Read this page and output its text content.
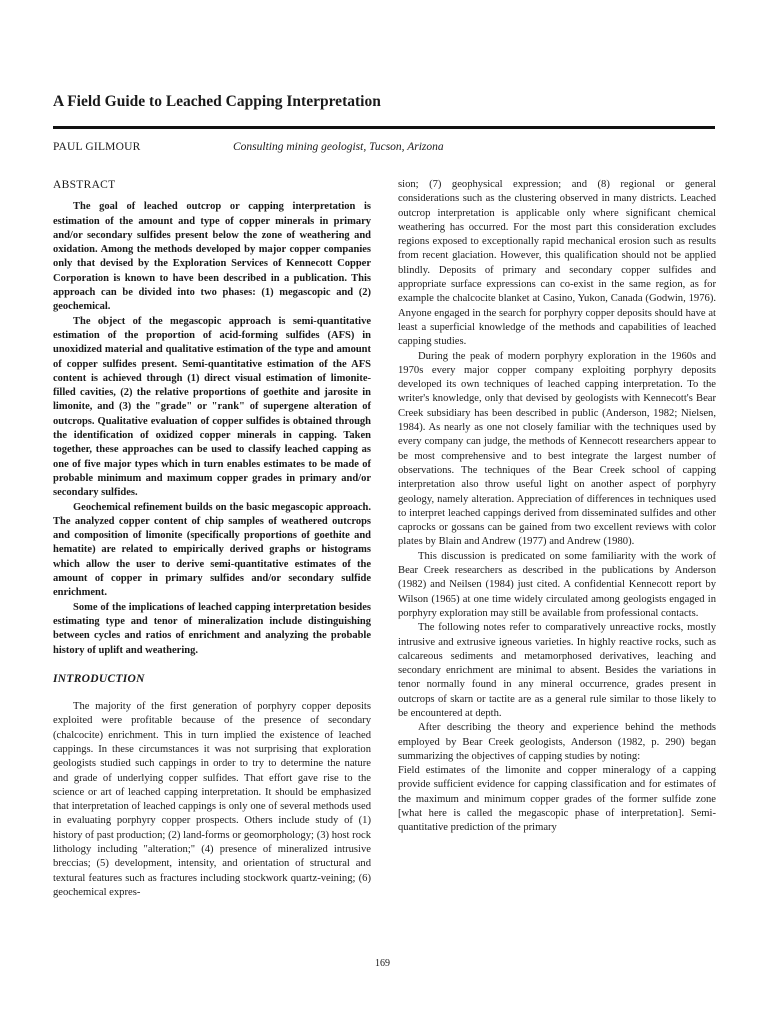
A Field Guide to Leached Capping Interpretation
PAUL GILMOUR	Consulting mining geologist, Tucson, Arizona
ABSTRACT

The goal of leached outcrop or capping interpretation is estimation of the amount and type of copper minerals in primary and/or secondary sulfides present below the zone of weathering and oxidation. Among the methods developed by major copper companies only that devised by the Exploration Services of Kennecott Copper Corporation is known to have been described in a publication. This approach can be divided into two phases: (1) megascopic and (2) geochemical.

The object of the megascopic approach is semi-quantitative estimation of the proportion of acid-forming sulfides (AFS) in unoxidized material and qualitative estimation of the type and amount of copper sulfides present. Semi-quantitative estimation of the AFS content is achieved through (1) direct visual estimation of limonite-filled cavities, (2) the relative proportions of goethite and jarosite in limonite, and (3) the "grade" or "rank" of supergene alteration of outcrops. Qualitative evaluation of copper sulfides is obtained through the identification of oxidized copper minerals in capping. Taken together, these approaches can be used to classify leached capping as one of five major types which in turn enables estimates to be made of probable minimum and maximum copper grades in primary and/or secondary sulfides.

Geochemical refinement builds on the basic megascopic approach. The analyzed copper content of chip samples of weathered outcrops and composition of limonite (specifically proportions of goethite and hematite) are related to empirically derived graphs or histograms which allow the user to derive semi-quantitative estimates of the amount of copper in primary sulfides and/or secondary sulfide enrichment.

Some of the implications of leached capping interpretation besides estimating type and tenor of mineralization include distinguishing between cycles and ratios of enrichment and analyzing the probable history of uplift and weathering.

INTRODUCTION

The majority of the first generation of porphyry copper deposits exploited were profitable because of the presence of secondary (chalcocite) enrichment. This in turn implied the existence of leached cappings. In these circumstances it was not surprising that exploration geologists studied such cappings in order to try to determine the nature and grade of underlying copper sulfides. That effort gave rise to the science or art of leached capping interpretation. It should be emphasized that interpretation of leached cappings is only one of several methods used in evaluating porphyry copper prospects. Others include study of (1) history of past production; (2) land-forms or geomorphology; (3) host rock lithology including "alteration;" (4) presence of mineralized intrusive breccias; (5) development, intensity, and orientation of structural and textural features such as fractures including stockwork quartz-veining; (6) geochemical expres-

sion; (7) geophysical expression; and (8) regional or general considerations such as the clustering observed in many districts. Leached outcrop interpretation is applicable only where significant chemical weathering has occurred. For the most part this consideration excludes regions exposed to exceptionally rapid mechanical erosion such as results from recent glaciation. However, this qualification should not be applied blindly. Deposits of primary and secondary copper sulfides and appropriate surface expressions can co-exist in the same region, as for example the chalcocite blanket at Casino, Yukon, Canada (Godwin, 1976). Anyone engaged in the search for porphyry copper deposits should have at least a superficial knowledge of the methods and capabilities of leached capping studies.

During the peak of modern porphyry exploration in the 1960s and 1970s every major copper company exploiting porphyry deposits developed its own techniques of leached capping interpretation. To the writer's knowledge, only that devised by geologists with Kennecott's Bear Creek subsidiary has been described in public (Anderson, 1982; Nielsen, 1984). As nearly as one not closely familiar with the techniques used by every company can judge, the methods of Kennecott researchers appear to be most comprehensive and to best integrate the largest number of observations. The techniques of the Bear Creek school of capping interpretation also throw useful light on another aspect of porphyry geology, namely alteration. Appreciation of differences in techniques used to interpret leached cappings derived from disseminated sulfides and other caprocks or gossans can be gained from two excellent reviews with color plates by Blain and Andrew (1977) and Andrew (1980).

This discussion is predicated on some familiarity with the work of Bear Creek researchers as described in the publications by Anderson (1982) and Neilsen (1984) just cited. A confidential Kennecott report by Wilson (1965) at one time widely circulated among geologists engaged in porphyry exploration may still be available from professional contacts.

The following notes refer to comparatively unreactive rocks, mostly intrusive and extrusive igneous varieties. In highly reactive rocks, such as calcareous sediments and metamorphosed derivatives, leaching and secondary enrichment are minimal to absent. Besides the variations in tenor normally found in any mineral occurrence, grades present in outcrops of skarn or tactite are as a general rule similar to those likely to be encountered at depth.

After describing the theory and experience behind the methods employed by Bear Creek geologists, Anderson (1982, p. 290) began summarizing the objectives of capping studies by noting:

Field estimates of the limonite and copper mineralogy of a capping provide sufficient evidence for capping classification and for estimates of the maximum and minimum copper grades of the former sulfide zone [what here is called the megascopic phase of interpretation]. Semi-quantitative prediction of the primary

169
